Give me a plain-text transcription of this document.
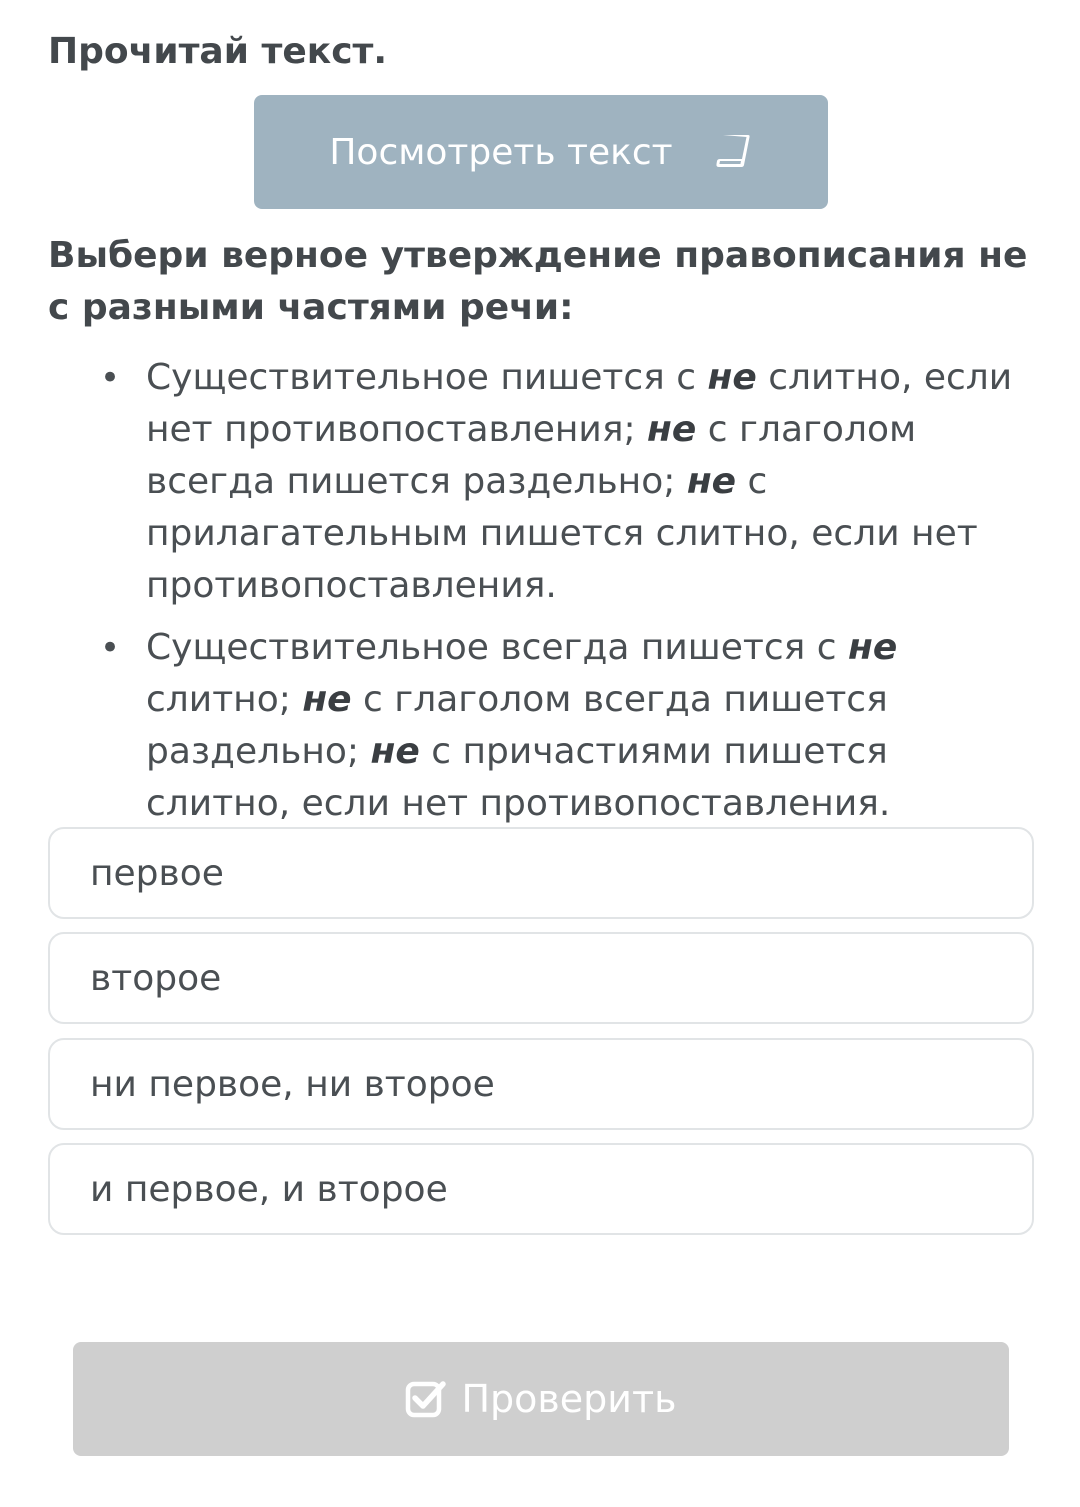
Прочитай текст.
Посмотреть текст
Выбери верное утверждение правописания не с разными частями речи:
• Существительное пишется с не слитно, если нет противопоставления; не с глаголом всегда пишется раздельно; не с прилагательным пишется слитно, если нет противопоставления.
• Существительное всегда пишется с не слитно; не с глаголом всегда пишется раздельно; не с причастиями пишется слитно, если нет противопоставления.
первое
второе
ни первое, ни второе
и первое, и второе
Проверить
